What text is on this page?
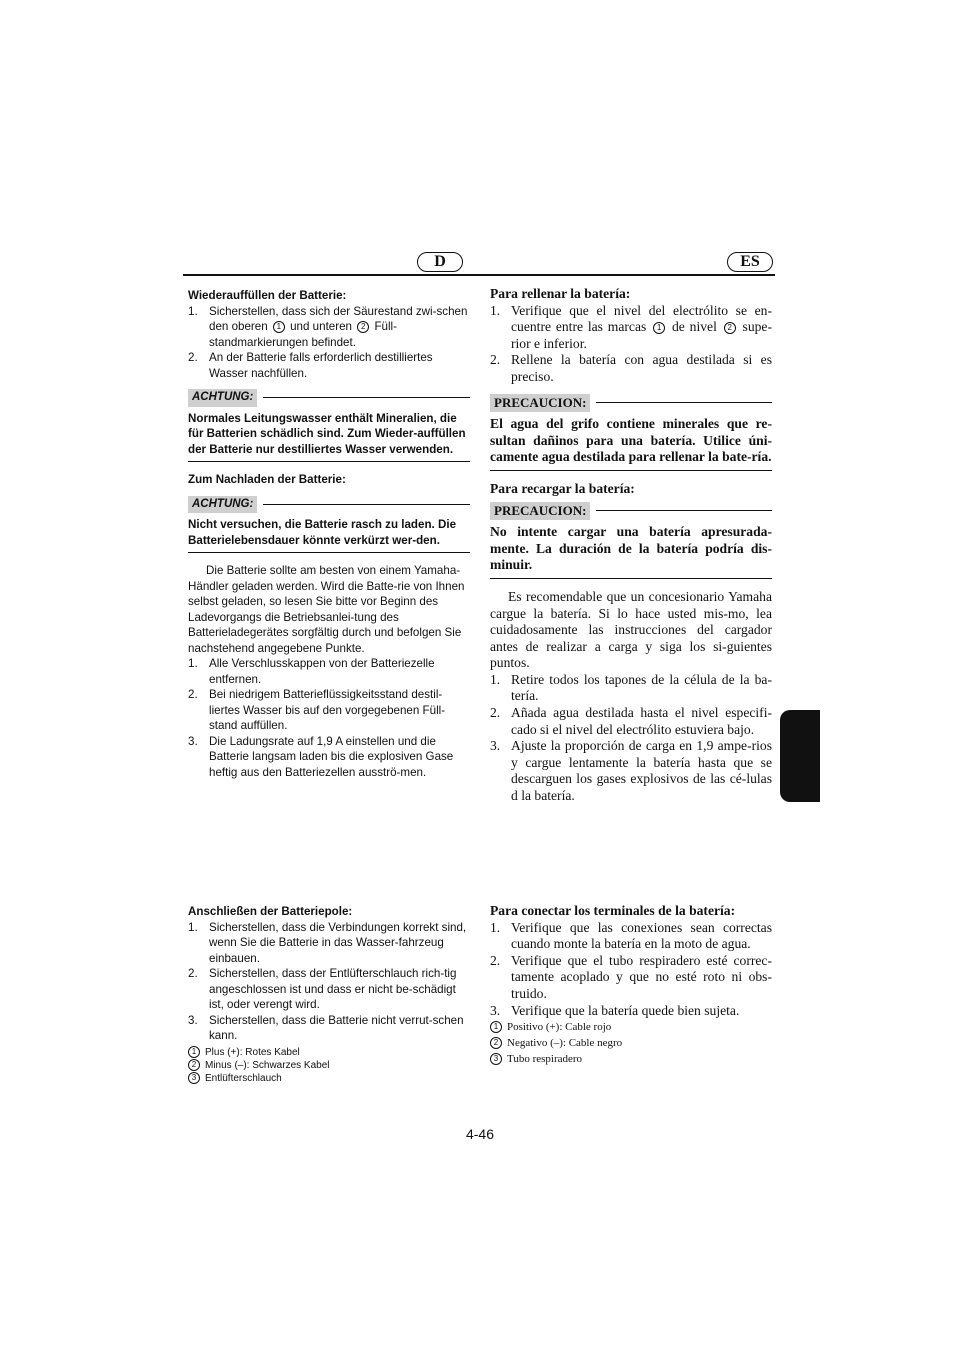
D	ES

Wiederauffüllen der Batterie:

1. Sicherstellen, dass sich der Säurestand zwi-schen den oberen 1 und unteren 2 Füll-standmarkierungen befindet.

2. An der Batterie falls erforderlich destilliertes Wasser nachfüllen.

ACHTUNG:

Normales Leitungswasser enthält Mineralien, die für Batterien schädlich sind. Zum Wieder-auffüllen der Batterie nur destilliertes Wasser verwenden.

Zum Nachladen der Batterie:

ACHTUNG:

Nicht versuchen, die Batterie rasch zu laden. Die Batterielebensdauer könnte verkürzt wer-den.

Die Batterie sollte am besten von einem Yamaha-Händler geladen werden. Wird die Batte-rie von Ihnen selbst geladen, so lesen Sie bitte vor Beginn des Ladevorgangs die Betriebsanlei-tung des Batterieladegerätes sorgfältig durch und befolgen Sie nachstehend angegebene Punkte.

1. Alle Verschlusskappen von der Batteriezelle entfernen.

2. Bei niedrigem Batterieflüssigkeitsstand destil-liertes Wasser bis auf den vorgegebenen Füll-stand auffüllen.

3. Die Ladungsrate auf 1,9 A einstellen und die Batterie langsam laden bis die explosiven Gase heftig aus den Batteriezellen ausströ-men.

Para rellenar la batería:

1. Verifique que el nivel del electrólito se en-cuentre entre las marcas 1 de nivel 2 supe-rior e inferior.

2. Rellene la batería con agua destilada si es preciso.

PRECAUCION:

El agua del grifo contiene minerales que re-sultan dañinos para una batería. Utilice úni-camente agua destilada para rellenar la bate-ría.

Para recargar la batería:

PRECAUCION:

No intente cargar una batería apresurada-mente. La duración de la batería podría dis-minuir.

Es recomendable que un concesionario Yamaha cargue la batería. Si lo hace usted mis-mo, lea cuidadosamente las instrucciones del cargador antes de realizar a carga y siga los si-guientes puntos.

1. Retire todos los tapones de la célula de la ba-tería.

2. Añada agua destilada hasta el nivel especifi-cado si el nivel del electrólito estuviera bajo.

3. Ajuste la proporción de carga en 1,9 ampe-rios y cargue lentamente la batería hasta que se descarguen los gases explosivos de las cé-lulas d la batería.

Anschließen der Batteriepole:

1. Sicherstellen, dass die Verbindungen korrekt sind, wenn Sie die Batterie in das Wasser-fahrzeug einbauen.

2. Sicherstellen, dass der Entlüfterschlauch rich-tig angeschlossen ist und dass er nicht be-schädigt ist, oder verengt wird.

3. Sicherstellen, dass die Batterie nicht verrut-schen kann.

1 Plus (+): Rotes Kabel

2 Minus (–): Schwarzes Kabel

3 Entlüfterschlauch

Para conectar los terminales de la batería:

1. Verifique que las conexiones sean correctas cuando monte la batería en la moto de agua.

2. Verifique que el tubo respiradero esté correc-tamente acoplado y que no esté roto ni obs-truido.

3. Verifique que la batería quede bien sujeta.

1 Positivo (+): Cable rojo

2 Negativo (–): Cable negro

3 Tubo respiradero

4-46
